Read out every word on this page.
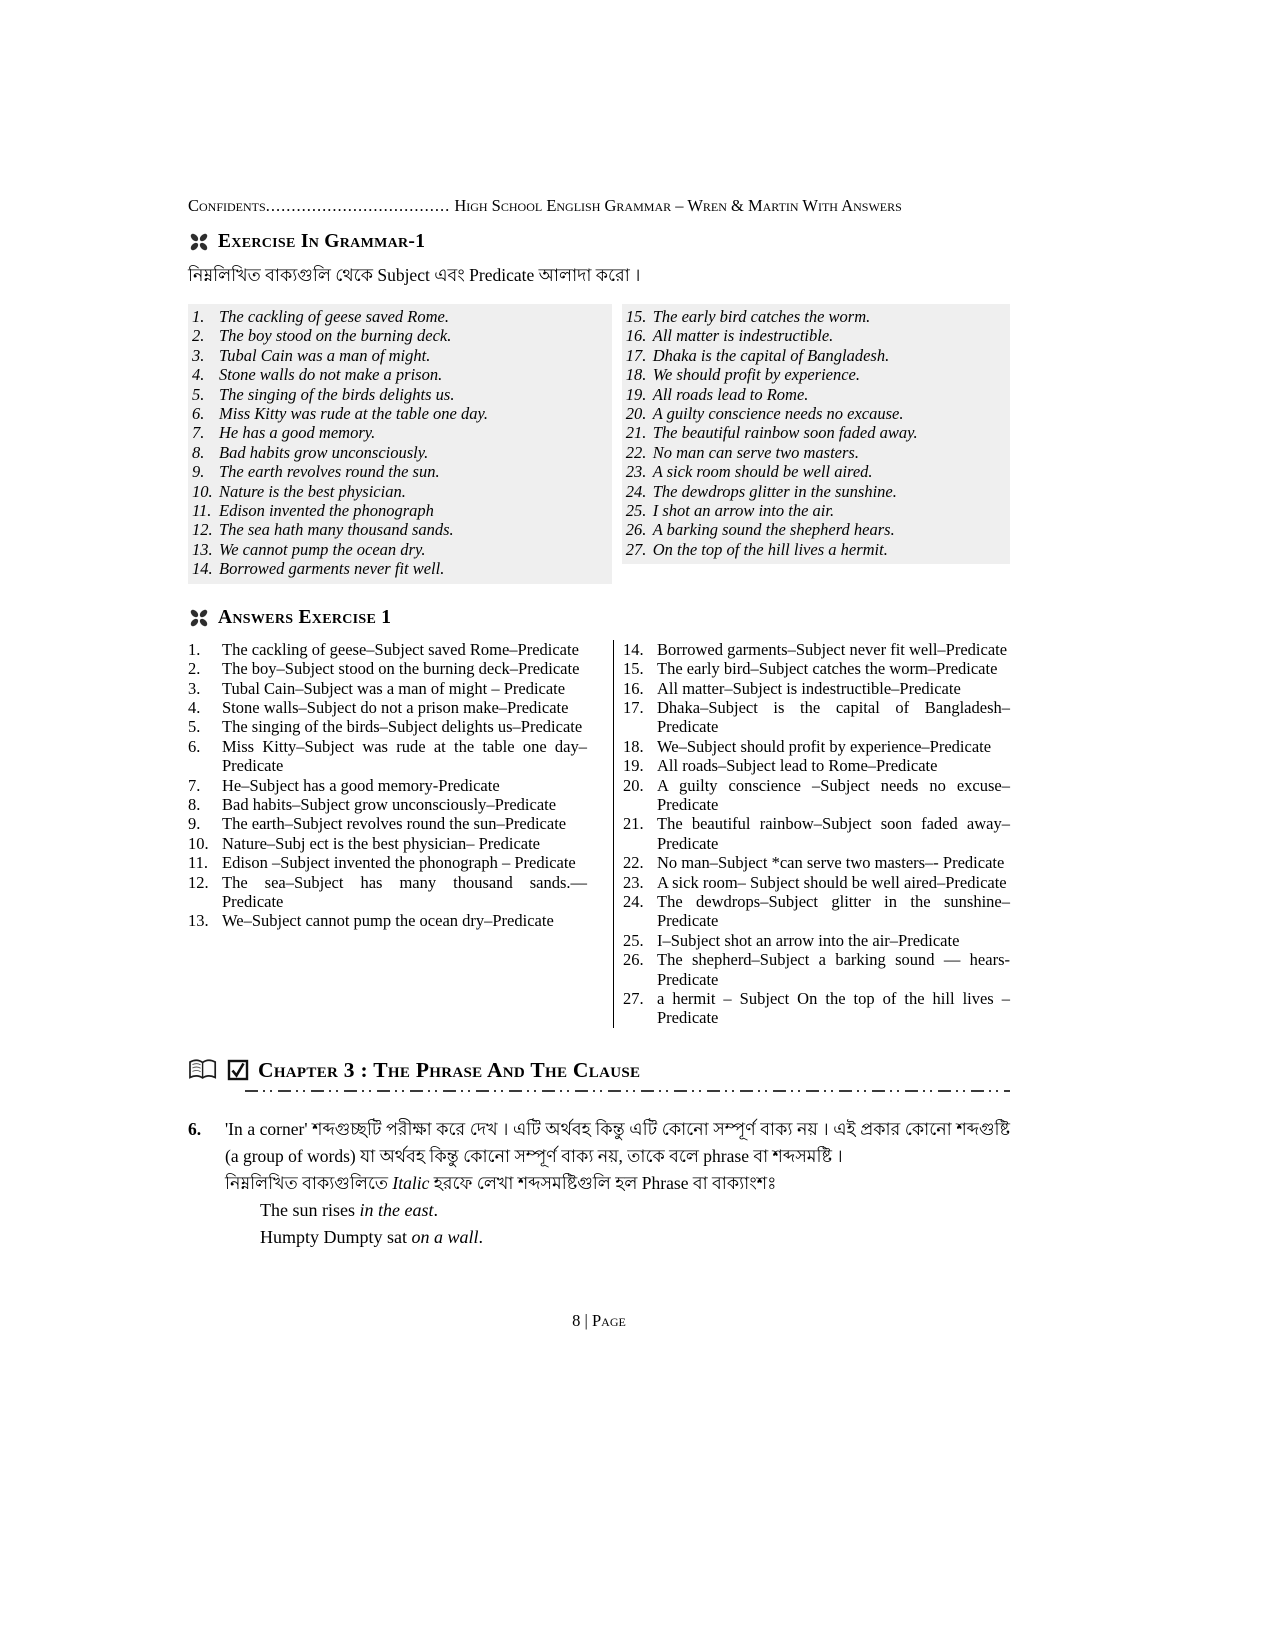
Confidents ....................................
High School English Grammar – Wren & Martin With Answers
Exercise In Grammar-1
নিম্নলিখিত বাক্যগুলি থেকে Subject এবং Predicate আলাদা করো ।
1. The cackling of geese saved Rome.
2. The boy stood on the burning deck.
3. Tubal Cain was a man of might.
4. Stone walls do not make a prison.
5. The singing of the birds delights us.
6. Miss Kitty was rude at the table one day.
7. He has a good memory.
8. Bad habits grow unconsciously.
9. The earth revolves round the sun.
10. Nature is the best physician.
11. Edison invented the phonograph
12. The sea hath many thousand sands.
13. We cannot pump the ocean dry.
14. Borrowed garments never fit well.
15. The early bird catches the worm.
16. All matter is indestructible.
17. Dhaka is the capital of Bangladesh.
18. We should profit by experience.
19. All roads lead to Rome.
20. A guilty conscience needs no excause.
21. The beautiful rainbow soon faded away.
22. No man can serve two masters.
23. A sick room should be well aired.
24. The dewdrops glitter in the sunshine.
25. I shot an arrow into the air.
26. A barking sound the shepherd hears.
27. On the top of the hill lives a hermit.
Answers Exercise 1
1.	The cackling of geese–Subject saved Rome–Predicate
2.	The boy–Subject stood on the burning deck–Predicate
3.	Tubal Cain–Subject was a man of might – Predicate
4.	Stone walls–Subject do not a prison make–Predicate
5.	The singing of the birds–Subject delights us–Predicate
6.	Miss Kitty–Subject was rude at the table one day–Predicate
7.	He–Subject has a good memory-Predicate
8.	Bad habits–Subject grow unconsciously–Predicate
9.	The earth–Subject revolves round the sun–Predicate
10. Nature–Subj ect is the best physician– Predicate
11. Edison –Subject invented the phonograph – Predicate
12. The sea–Subject has many thousand sands.— Predicate
13. We–Subject cannot pump the ocean dry–Predicate
14. Borrowed garments–Subject never fit well–Predicate
15. The early bird–Subject catches the worm–Predicate
16. All matter–Subject is indestructible–Predicate
17. Dhaka–Subject is the capital of Bangladesh–Predicate
18. We–Subject should profit by experience–Predicate
19. All roads–Subject lead to Rome–Predicate
20. A guilty conscience –Subject needs no excuse–Predicate
21. The beautiful rainbow–Subject soon faded away–Predicate
22. No man–Subject *can serve two masters–- Predicate
23. A sick room– Subject should be well aired–Predicate
24. The dewdrops–Subject glitter in the sunshine–Predicate
25. I–Subject shot an arrow into the air–Predicate
26. The shepherd–Subject a barking sound — hears-Predicate
27. a hermit – Subject On the top of the hill lives – Predicate
Chapter 3 : The Phrase And The Clause
6.	'In a corner' শব্দগুচ্ছটি পরীক্ষা করে দেখ । এটি অর্থবহ কিন্তু এটি কোনো সম্পূর্ণ বাক্য নয় । এই প্রকার কোনো শব্দগুষ্টি (a group of words) যা অর্থবহ কিন্তু কোনো সম্পূর্ণ বাক্য নয়, তাকে বলে phrase বা শব্দসমষ্টি ।
নিম্নলিখিত বাক্যগুলিতে Italic হরফে লেখা শব্দসমষ্টিগুলি হল Phrase বা বাক্যাংশঃ
The sun rises in the east.
Humpty Dumpty sat on a wall.
8 | Page
